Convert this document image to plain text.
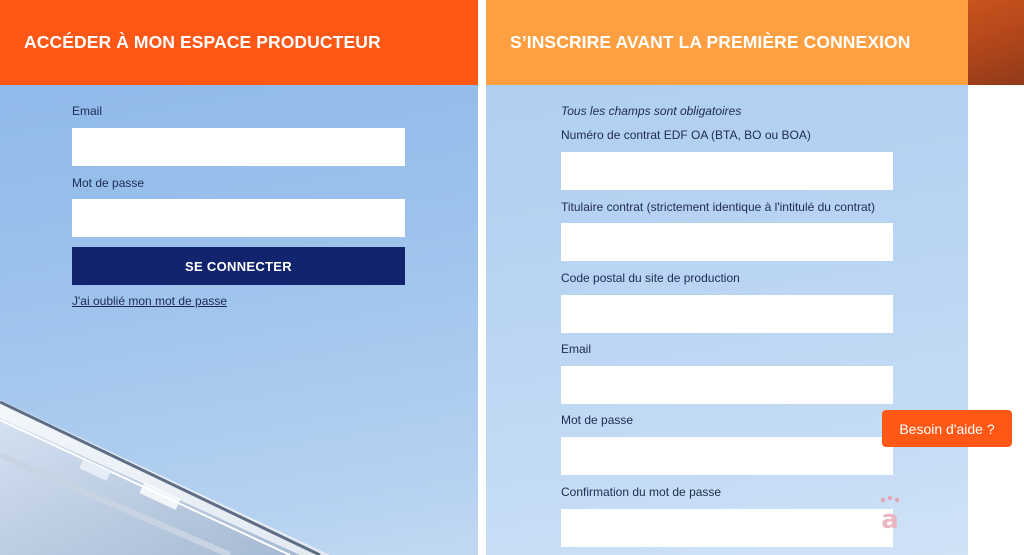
ACCÉDER À MON ESPACE PRODUCTEUR	S’INSCRIRE AVANT LA PREMIÈRE CONNEXION
Email
Mot de passe
SE CONNECTER
J'ai oublié mon mot de passe
Tous les champs sont obligatoires
Numéro de contrat EDF OA (BTA, BO ou BOA)
Titulaire contrat (strictement identique à l'intitulé du contrat)
Code postal du site de production
Email
Mot de passe
Confirmation du mot de passe
Besoin d'aide ?
a
